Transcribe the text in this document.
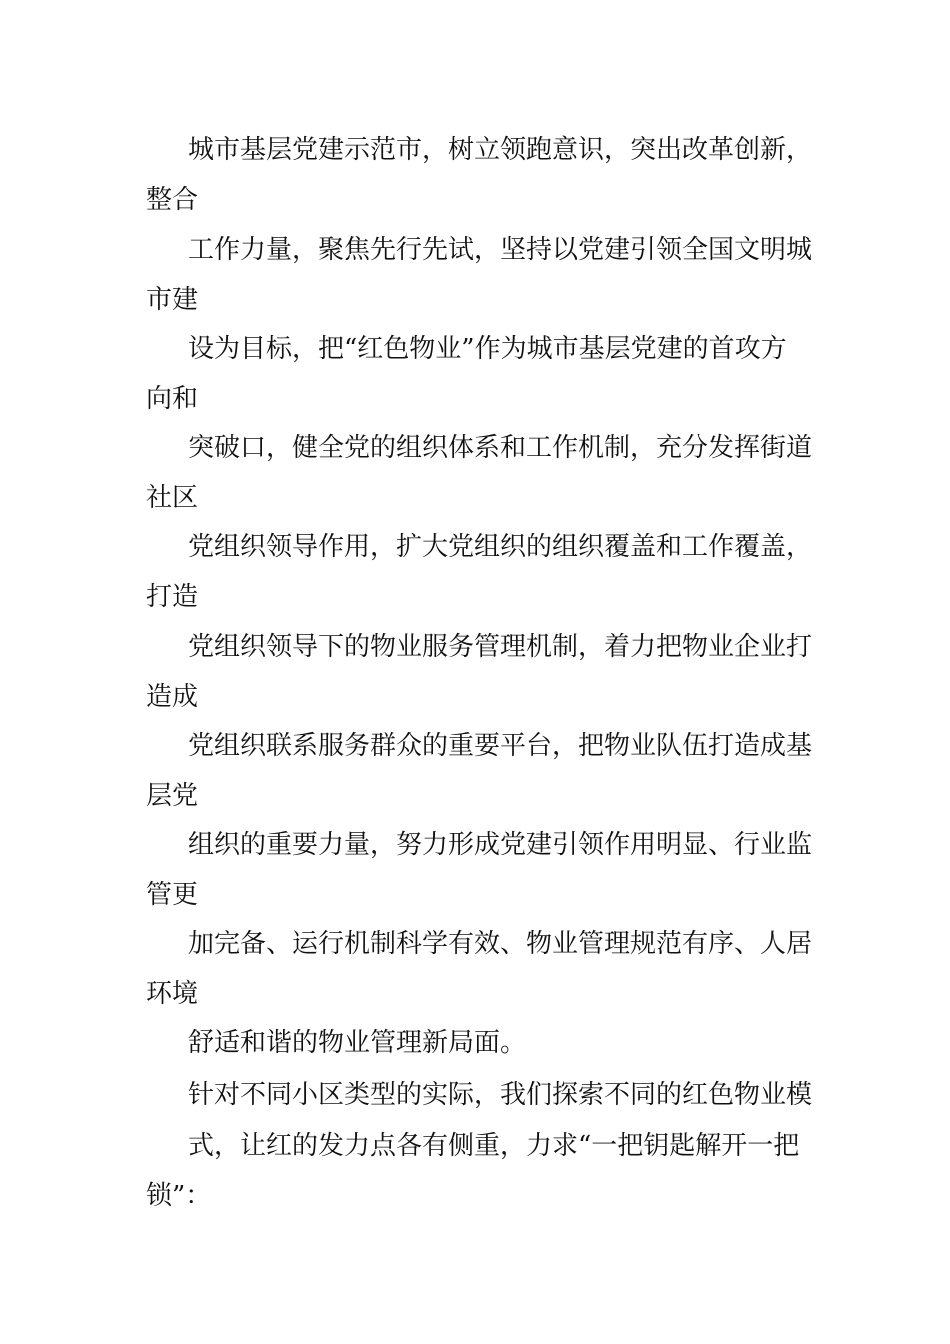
城市基层党建示范市，树立领跑意识，突出改革创新，
整合

工作力量，聚焦先行先试，坚持以党建引领全国文明城
市建

设为目标，把“红色物业”作为城市基层党建的首攻方
向和

突破口，健全党的组织体系和工作机制，充分发挥街道
社区

党组织领导作用，扩大党组织的组织覆盖和工作覆盖，
打造

党组织领导下的物业服务管理机制，着力把物业企业打
造成

党组织联系服务群众的重要平台，把物业队伍打造成基
层党

组织的重要力量，努力形成党建引领作用明显、行业监
管更

加完备、运行机制科学有效、物业管理规范有序、人居
环境

舒适和谐的物业管理新局面。

针对不同小区类型的实际，我们探索不同的红色物业模

式，让红的发力点各有侧重，力求“一把钥匙解开一把
锁”：
